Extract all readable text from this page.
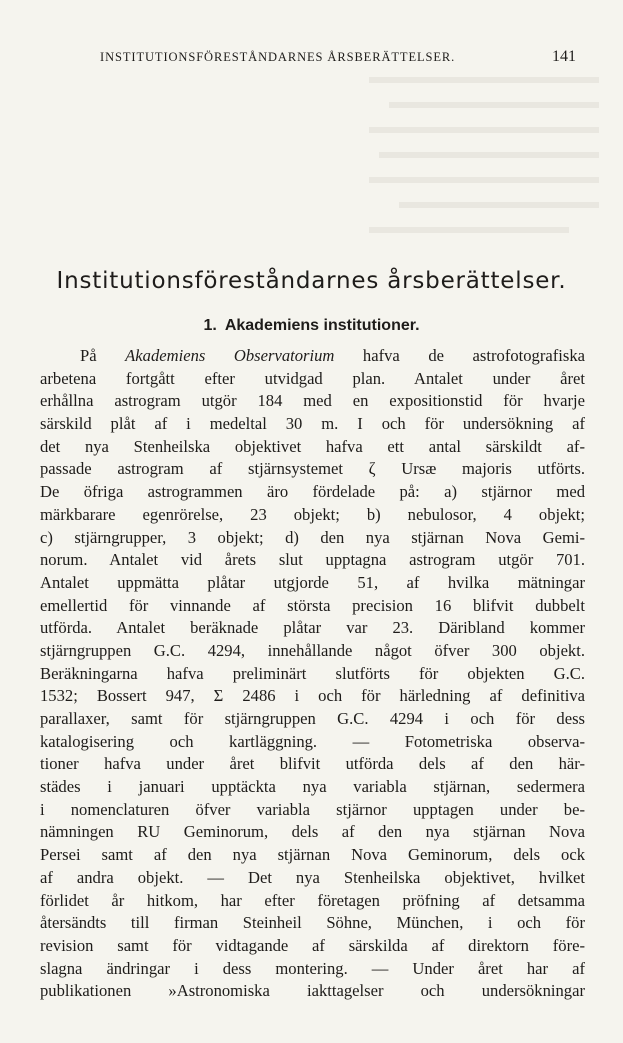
INSTITUTIONSFÖRESTÅNDARNES ÅRSBERÄTTELSER.	141
Institutionsföreståndarnes årsberättelser.
1. Akademiens institutioner.
På Akademiens Observatorium hafva de astrofotografiska
arbetena fortgått efter utvidgad plan. Antalet under året
erhållna astrogram utgör 184 med en expositionstid för hvarje
särskild plåt af i medeltal 30 m. I och för undersökning af
det nya Stenheilska objektivet hafva ett antal särskildt af-
passade astrogram af stjärnsystemet ζ Ursæ majoris utförts.
De öfriga astrogrammen äro fördelade på: a) stjärnor med
märkbarare egenrörelse, 23 objekt; b) nebulosor, 4 objekt;
c) stjärngrupper, 3 objekt; d) den nya stjärnan Nova Gemi-
norum. Antalet vid årets slut upptagna astrogram utgör 701.
Antalet uppmätta plåtar utgjorde 51, af hvilka mätningar
emellertid för vinnande af största precision 16 blifvit dubbelt
utförda. Antalet beräknade plåtar var 23. Däribland kommer
stjärngruppen G.C. 4294, innehållande något öfver 300 objekt.
Beräkningarna hafva preliminärt slutförts för objekten G.C.
1532; Bossert 947, Σ 2486 i och för härledning af definitiva
parallaxer, samt för stjärngruppen G.C. 4294 i och för dess
katalogisering och kartläggning. — Fotometriska observa-
tioner hafva under året blifvit utförda dels af den här-
städes i januari upptäckta nya variabla stjärnan, sedermera
i nomenclaturen öfver variabla stjärnor upptagen under be-
nämningen RU Geminorum, dels af den nya stjärnan Nova
Persei samt af den nya stjärnan Nova Geminorum, dels ock
af andra objekt. — Det nya Stenheilska objektivet, hvilket
förlidet år hitkom, har efter företagen pröfning af detsamma
återsändts till firman Steinheil Söhne, München, i och för
revision samt för vidtagande af särskilda af direktorn före-
slagna ändringar i dess montering. — Under året har af
publikationen »Astronomiska iakttagelser och undersökningar
